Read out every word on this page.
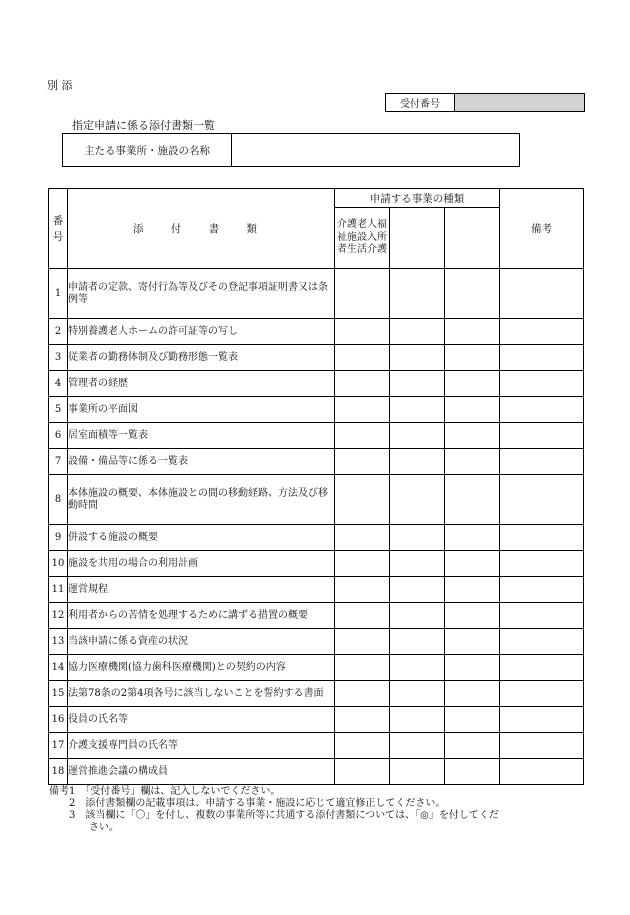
別 添
受付番号
指定申請に係る添付書類一覧
主たる事業所・施設の名称
番号	添 付 書 類	申請する事業の種類			備考

		介護老人福祉施設入所者生活介護			

1	申請者の定款、寄付行為等及びその登記事項証明書又は条例等				
2	特別養護老人ホームの許可証等の写し				
3	従業者の勤務体制及び勤務形態一覧表				
4	管理者の経歴				
5	事業所の平面図				
6	居室面積等一覧表				
7	設備・備品等に係る一覧表				
8	本体施設の概要、本体施設との間の移動経路、方法及び移動時間				
9	併設する施設の概要				
10	施設を共用の場合の利用計画				
11	運営規程				
12	利用者からの苦情を処理するために講ずる措置の概要				
13	当該申請に係る資産の状況				
14	協力医療機関(協力歯科医療機関)との契約の内容				
15	法第78条の2第4項各号に該当しないことを誓約する書面				
16	役員の氏名等				
17	介護支援専門員の氏名等				
18	運営推進会議の構成員				
備考1　「受付番号」欄は、記入しないでください。
　　2　添付書類欄の記載事項は、申請する事業・施設に応じて適宜修正してください。
　　3　該当欄に「〇」を付し、複数の事業所等に共通する添付書類については、「◎」を付してくだ
　　　　さい。
